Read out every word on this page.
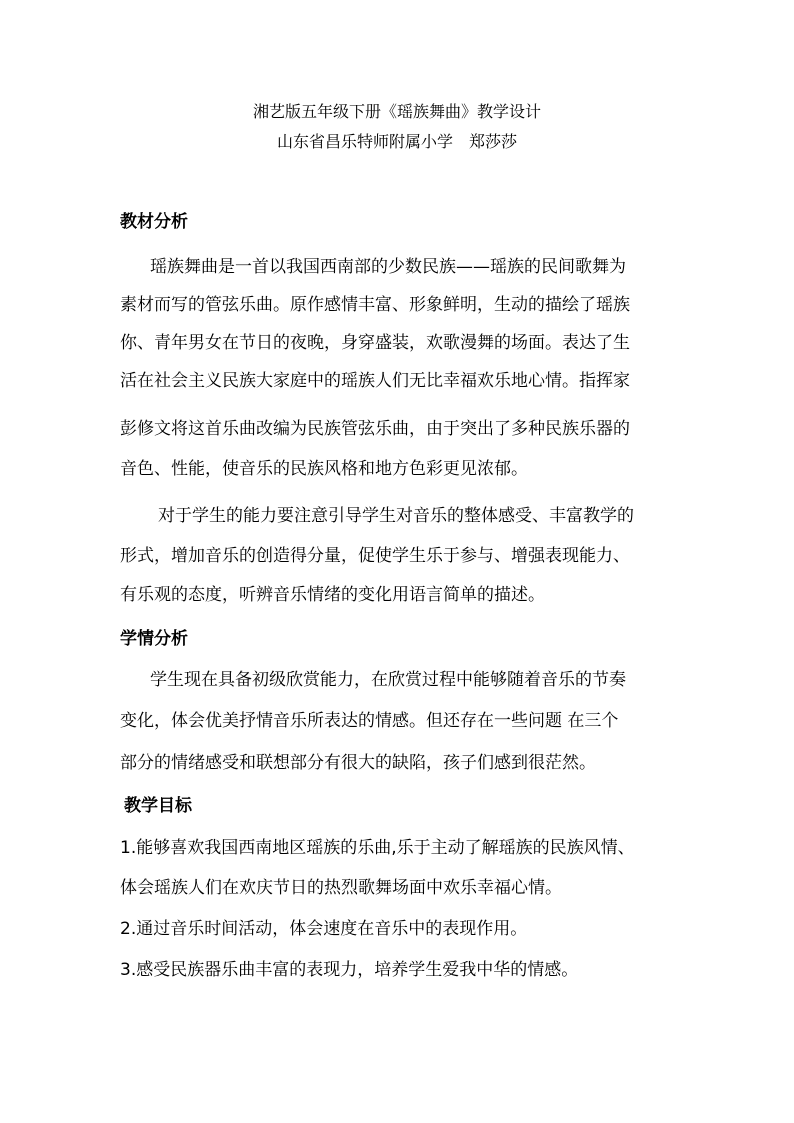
湘艺版五年级下册《瑶族舞曲》教学设计
山东省昌乐特师附属小学　郑莎莎
教材分析
瑶族舞曲是一首以我国西南部的少数民族——瑶族的民间歌舞为
素材而写的管弦乐曲。原作感情丰富、形象鲜明，生动的描绘了瑶族
你、青年男女在节日的夜晚，身穿盛装，欢歌漫舞的场面。表达了生
活在社会主义民族大家庭中的瑶族人们无比幸福欢乐地心情。指挥家
彭修文将这首乐曲改编为民族管弦乐曲，由于突出了多种民族乐器的
音色、性能，使音乐的民族风格和地方色彩更见浓郁。
对于学生的能力要注意引导学生对音乐的整体感受、丰富教学的
形式，增加音乐的创造得分量，促使学生乐于参与、增强表现能力、
有乐观的态度，听辨音乐情绪的变化用语言简单的描述。
学情分析
学生现在具备初级欣赏能力，在欣赏过程中能够随着音乐的节奏
变化，体会优美抒情音乐所表达的情感。但还存在一些问题 在三个
部分的情绪感受和联想部分有很大的缺陷，孩子们感到很茫然。
教学目标
1.能够喜欢我国西南地区瑶族的乐曲,乐于主动了解瑶族的民族风情、
体会瑶族人们在欢庆节日的热烈歌舞场面中欢乐幸福心情。
2.通过音乐时间活动，体会速度在音乐中的表现作用。
3.感受民族器乐曲丰富的表现力，培养学生爱我中华的情感。
